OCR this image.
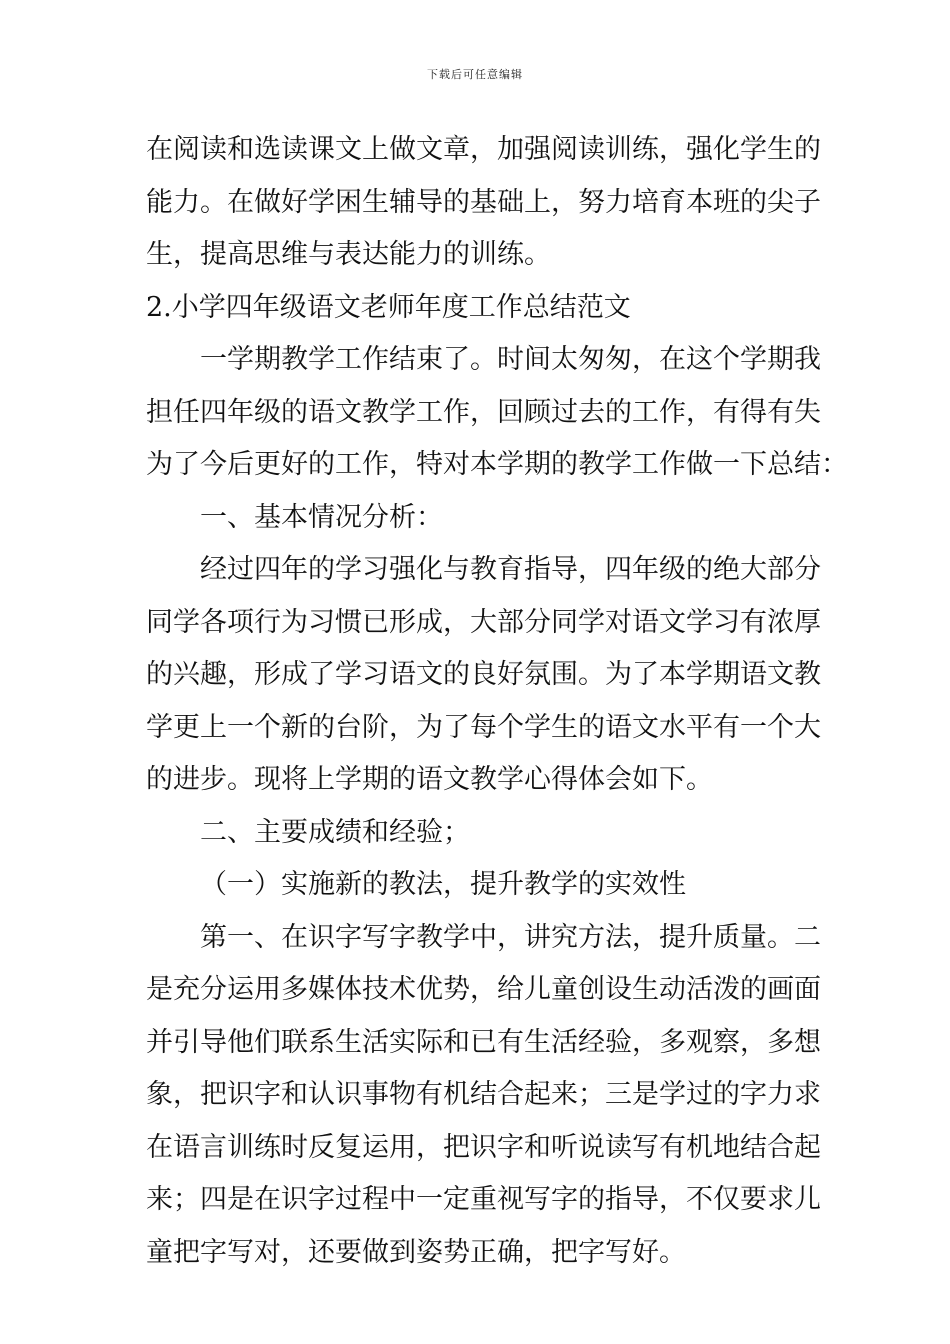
下载后可任意编辑
在阅读和选读课文上做文章，加强阅读训练，强化学生的
能力。在做好学困生辅导的基础上，努力培育本班的尖子
生，提高思维与表达能力的训练。
2.小学四年级语文老师年度工作总结范文
一学期教学工作结束了。时间太匆匆，在这个学期我
担任四年级的语文教学工作，回顾过去的工作，有得有失
为了今后更好的工作，特对本学期的教学工作做一下总结：
一、基本情况分析：
经过四年的学习强化与教育指导，四年级的绝大部分
同学各项行为习惯已形成，大部分同学对语文学习有浓厚
的兴趣，形成了学习语文的良好氛围。为了本学期语文教
学更上一个新的台阶，为了每个学生的语文水平有一个大
的进步。现将上学期的语文教学心得体会如下。
二、主要成绩和经验；
（一）实施新的教法，提升教学的实效性
第一、在识字写字教学中，讲究方法，提升质量。二
是充分运用多媒体技术优势，给儿童创设生动活泼的画面
并引导他们联系生活实际和已有生活经验，多观察，多想
象，把识字和认识事物有机结合起来；三是学过的字力求
在语言训练时反复运用，把识字和听说读写有机地结合起
来；四是在识字过程中一定重视写字的指导，不仅要求儿
童把字写对，还要做到姿势正确，把字写好。
